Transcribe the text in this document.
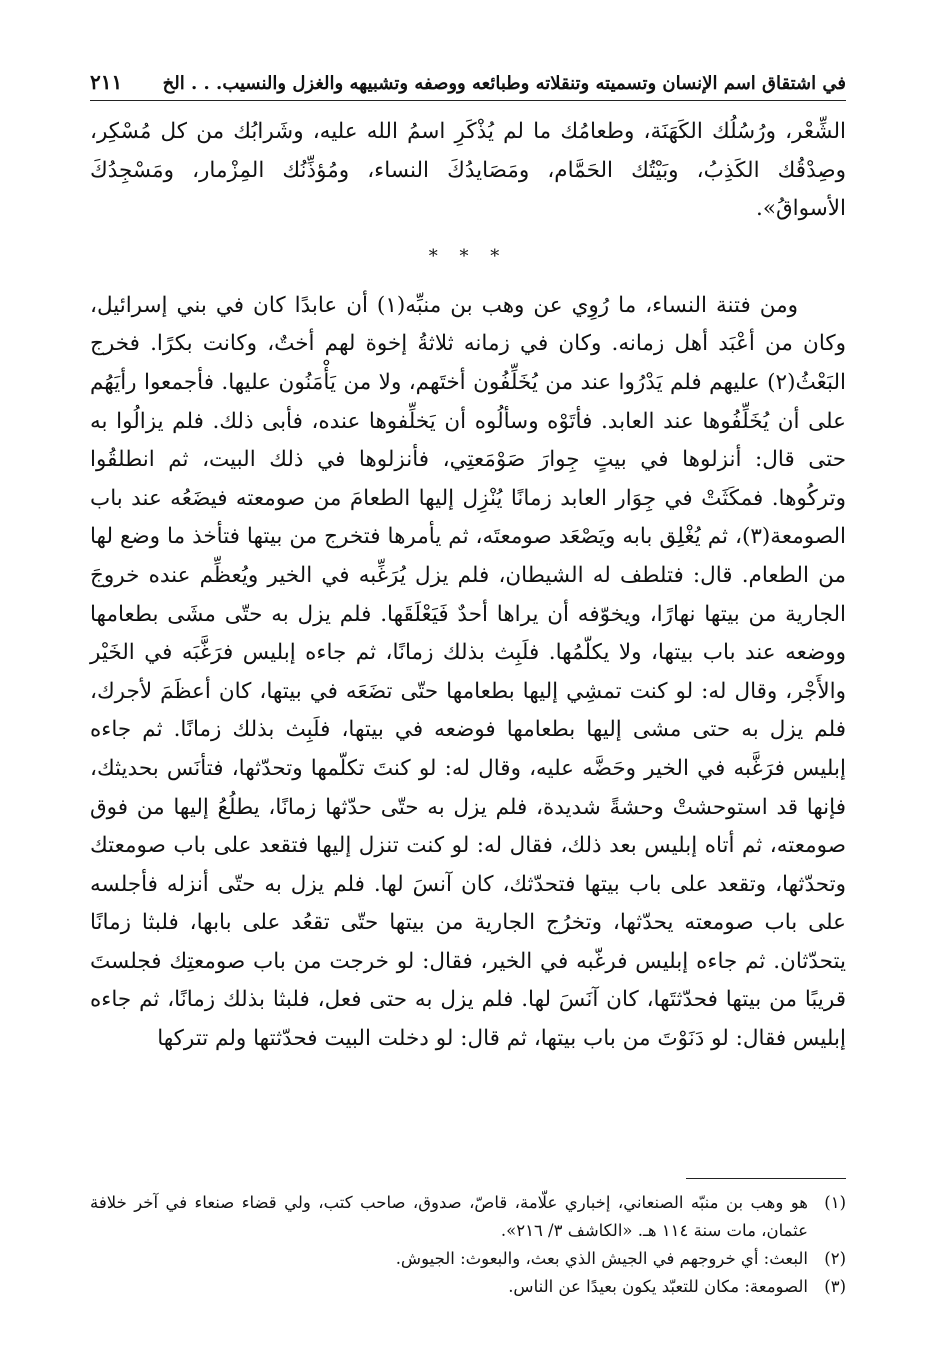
في اشتقاق اسم الإنسان وتسميته وتنقلاته وطبائعه ووصفه وتشبيهه والغزل والنسيب. . . الخ
٢١١

الشِّعْر، ورُسُلُك الكَهَنَة، وطعامُك ما لم يُذْكَرِ اسمُ الله عليه، وشَرابُك من كل مُسْكِر، وصِدْقُك الكَذِبُ، وبَيْتُك الحَمَّام، ومَصَايدُكَ النساء، ومُؤذِّنُك المِزْمار، ومَسْجِدُكَ الأسواقُ».

* * *

ومن فتنة النساء، ما رُوِي عن وهب بن منبِّه(١) أن عابدًا كان في بني إسرائيل، وكان من أعْبَد أهل زمانه. وكان في زمانه ثلاثةُ إخوة لهم أختٌ، وكانت بكرًا. فخرج البَعْثُ(٢) عليهم فلم يَدْرُوا عند من يُخَلِّفُون أختَهم، ولا من يَأْمَنُون عليها. فأجمعوا رأيَهُم على أن يُخَلِّفُوها عند العابد. فأتَوْه وسألُوه أن يَخلِّفوها عنده، فأبى ذلك. فلم يزالُوا به حتى قال: أنزلوها في بيتٍ جِوارَ صَوْمَعتِي، فأنزلوها في ذلك البيت، ثم انطلقُوا وتركُوها. فمكَثَتْ في جِوَار العابد زمانًا يُنْزِل إليها الطعامَ من صومعته فيضَعُه عند باب الصومعة(٣)، ثم يُغْلِق بابه ويَصْعَد صومعتَه، ثم يأمرها فتخرج من بيتها فتأخذ ما وضع لها من الطعام. قال: فتلطف له الشيطان، فلم يزل يُرَغِّبه في الخير ويُعظِّم عنده خروجَ الجارية من بيتها نهارًا، ويخوّفه أن يراها أحدٌ فَيَعْلَقَها. فلم يزل به حتّى مشَى بطعامها ووضعه عند باب بيتها، ولا يكلّمُها. فلَبِث بذلك زمانًا، ثم جاءه إبليس فرَغَّبَه في الخَيْر والأَجْر، وقال له: لو كنت تمشِي إليها بطعامها حتّى تضَعَه في بيتها، كان أعظَمَ لأجرك، فلم يزل به حتى مشى إليها بطعامها فوضعه في بيتها، فلَبِث بذلك زمانًا. ثم جاءه إبليس فرَغَّبه في الخير وحَضَّه عليه، وقال له: لو كنتَ تكلّمها وتحدّثها، فتأنَس بحديثك، فإنها قد استوحشتْ وحشةً شديدة، فلم يزل به حتّى حدّثها زمانًا، يطلُعُ إليها من فوق صومعته، ثم أتاه إبليس بعد ذلك، فقال له: لو كنت تنزل إليها فتقعد على باب صومعتك وتحدّثها، وتقعد على باب بيتها فتحدّثك، كان آنسَ لها. فلم يزل به حتّى أنزله فأجلسه على باب صومعته يحدّثها، وتخرُج الجارية من بيتها حتّى تقعُد على بابها، فلبثا زمانًا يتحدّثان. ثم جاءه إبليس فرغّبه في الخير، فقال: لو خرجت من باب صومعتِك فجلستَ قريبًا من بيتها فحدّثتَها، كان آنَسَ لها. فلم يزل به حتى فعل، فلبثا بذلك زمانًا، ثم جاءه إبليس فقال: لو دَنَوْتَ من باب بيتها، ثم قال: لو دخلت البيت فحدّثتها ولم تتركها

(١)
هو وهب بن منبّه الصنعاني، إخباري علّامة، قاصّ، صدوق، صاحب كتب، ولي قضاء صنعاء في آخر خلافة عثمان، مات سنة ١١٤ هـ. «الكاشف ٣/ ٢١٦».

(٢)
البعث: أي خروجهم في الجيش الذي بعث، والبعوث: الجيوش.

(٣)
الصومعة: مكان للتعبّد يكون بعيدًا عن الناس.
